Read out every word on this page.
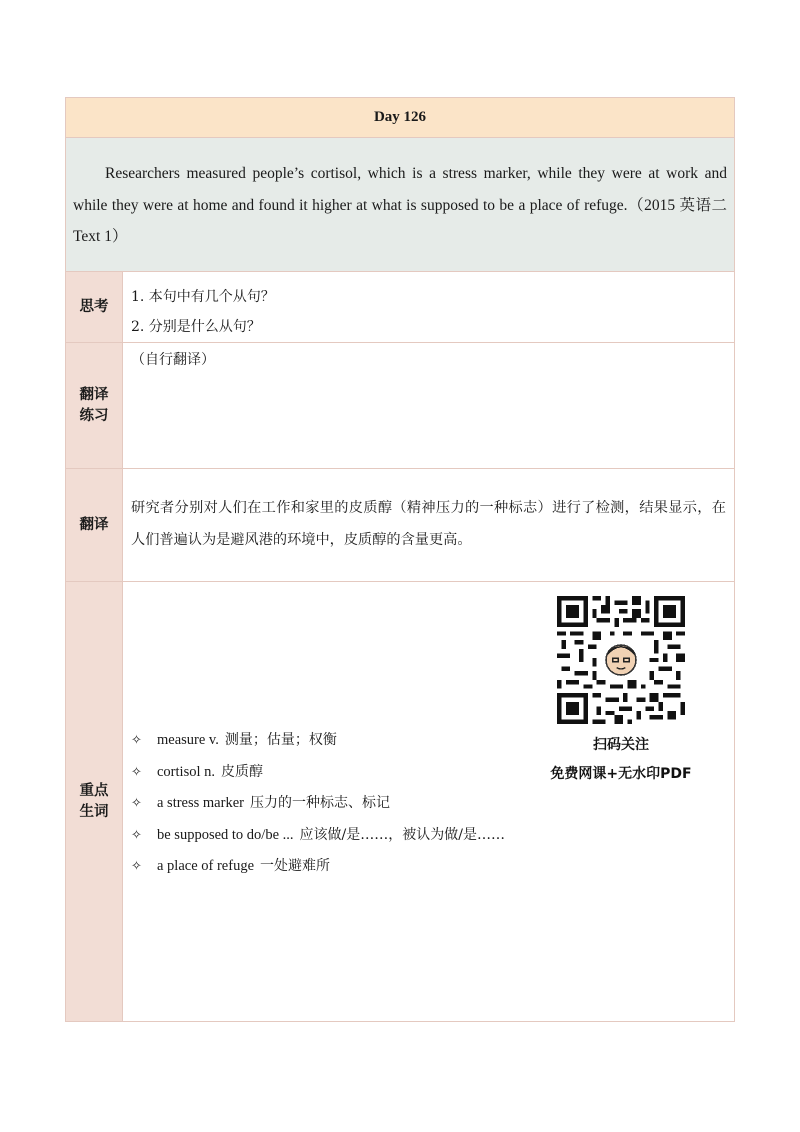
Day 126
Researchers measured people’s cortisol, which is a stress marker, while they were at work and while they were at home and found it higher at what is supposed to be a place of refuge.（2015 英语二 Text 1）
思考
1. 本句中有几个从句？
2. 分别是什么从句？
翻译练习
（自行翻译）
翻译
研究者分别对人们在工作和家里的皮质醇（精神压力的一种标志）进行了检测，结果显示，在人们普遍认为是避风港的环境中，皮质醇的含量更高。
重点生词
扫码关注
免费网课+无水印PDF
✧ measure v. 测量；估量；权衡
✧ cortisol n. 皮质醇
✧ a stress marker 压力的一种标志、标记
✧ be supposed to do/be ... 应该做/是……，被认为做/是……
✧ a place of refuge 一处避难所
